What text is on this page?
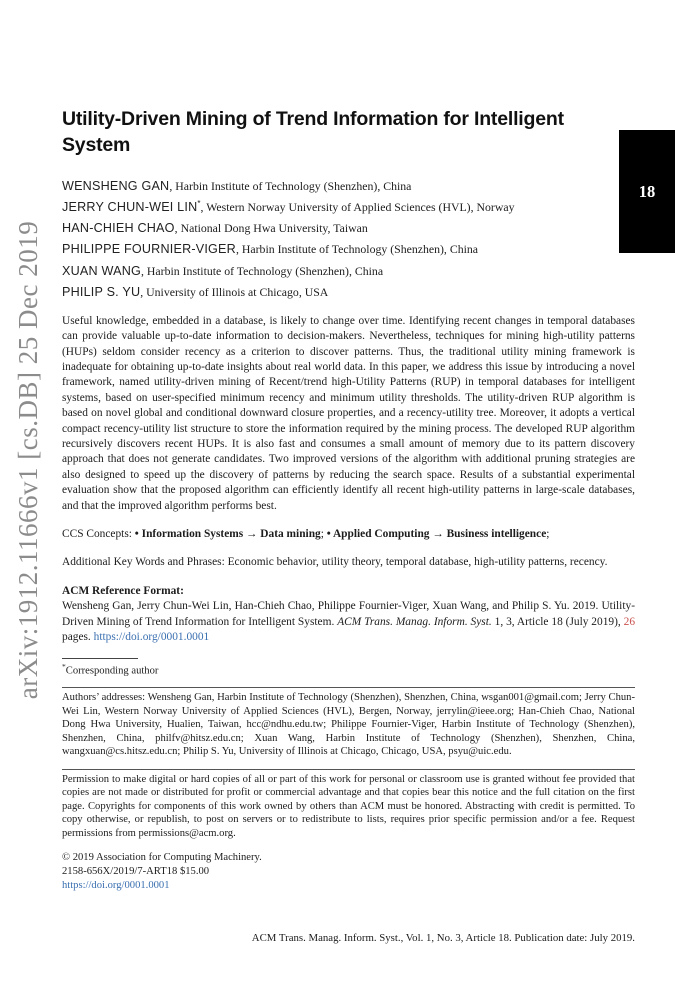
arXiv:1912.11666v1 [cs.DB] 25 Dec 2019
18
Utility-Driven Mining of Trend Information for Intelligent System
WENSHENG GAN, Harbin Institute of Technology (Shenzhen), China
JERRY CHUN-WEI LIN*, Western Norway University of Applied Sciences (HVL), Norway
HAN-CHIEH CHAO, National Dong Hwa University, Taiwan
PHILIPPE FOURNIER-VIGER, Harbin Institute of Technology (Shenzhen), China
XUAN WANG, Harbin Institute of Technology (Shenzhen), China
PHILIP S. YU, University of Illinois at Chicago, USA

Useful knowledge, embedded in a database, is likely to change over time. Identifying recent changes in temporal databases can provide valuable up-to-date information to decision-makers. Nevertheless, techniques for mining high-utility patterns (HUPs) seldom consider recency as a criterion to discover patterns. Thus, the traditional utility mining framework is inadequate for obtaining up-to-date insights about real world data. In this paper, we address this issue by introducing a novel framework, named utility-driven mining of Recent/trend high-Utility Patterns (RUP) in temporal databases for intelligent systems, based on user-specified minimum recency and minimum utility thresholds. The utility-driven RUP algorithm is based on novel global and conditional downward closure properties, and a recency-utility tree. Moreover, it adopts a vertical compact recency-utility list structure to store the information required by the mining process. The developed RUP algorithm recursively discovers recent HUPs. It is also fast and consumes a small amount of memory due to its pattern discovery approach that does not generate candidates. Two improved versions of the algorithm with additional pruning strategies are also designed to speed up the discovery of patterns by reducing the search space. Results of a substantial experimental evaluation show that the proposed algorithm can efficiently identify all recent high-utility patterns in large-scale databases, and that the improved algorithm performs best.

CCS Concepts: • Information Systems → Data mining; • Applied Computing → Business intelligence;

Additional Key Words and Phrases: Economic behavior, utility theory, temporal database, high-utility patterns, recency.

ACM Reference Format:

Wensheng Gan, Jerry Chun-Wei Lin, Han-Chieh Chao, Philippe Fournier-Viger, Xuan Wang, and Philip S. Yu. 2019. Utility-Driven Mining of Trend Information for Intelligent System. ACM Trans. Manag. Inform. Syst. 1, 3, Article 18 (July 2019), 26 pages. https://doi.org/0001.0001

*Corresponding author

Authors’ addresses: Wensheng Gan, Harbin Institute of Technology (Shenzhen), Shenzhen, China, wsgan001@gmail.com; Jerry Chun-Wei Lin, Western Norway University of Applied Sciences (HVL), Bergen, Norway, jerrylin@ieee.org; Han-Chieh Chao, National Dong Hwa University, Hualien, Taiwan, hcc@ndhu.edu.tw; Philippe Fournier-Viger, Harbin Institute of Technology (Shenzhen), Shenzhen, China, philfv@hitsz.edu.cn; Xuan Wang, Harbin Institute of Technology (Shenzhen), Shenzhen, China, wangxuan@cs.hitsz.edu.cn; Philip S. Yu, University of Illinois at Chicago, Chicago, USA, psyu@uic.edu.

Permission to make digital or hard copies of all or part of this work for personal or classroom use is granted without fee provided that copies are not made or distributed for profit or commercial advantage and that copies bear this notice and the full citation on the first page. Copyrights for components of this work owned by others than ACM must be honored. Abstracting with credit is permitted. To copy otherwise, or republish, to post on servers or to redistribute to lists, requires prior specific permission and/or a fee. Request permissions from permissions@acm.org.

© 2019 Association for Computing Machinery.
2158-656X/2019/7-ART18 $15.00
https://doi.org/0001.0001
ACM Trans. Manag. Inform. Syst., Vol. 1, No. 3, Article 18. Publication date: July 2019.
